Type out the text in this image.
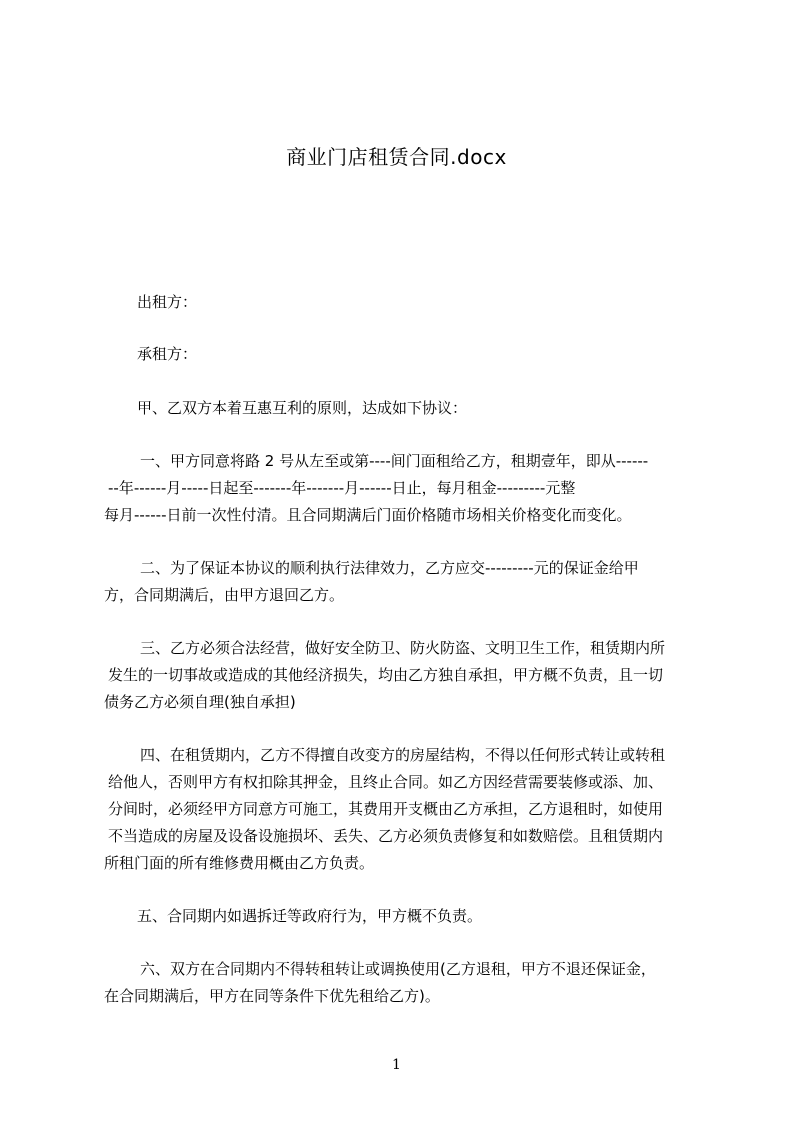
商业门店租赁合同.docx
出租方：
承租方：
甲、乙双方本着互惠互利的原则，达成如下协议：
一、甲方同意将路 2 号从左至或第----间门面租给乙方，租期壹年，即从------
--年------月-----日起至-------年-------月------日止，每月租金---------元整
每月------日前一次性付清。且合同期满后门面价格随市场相关价格变化而变化。
二、为了保证本协议的顺利执行法律效力，乙方应交---------元的保证金给甲
方，合同期满后，由甲方退回乙方。
三、乙方必须合法经营，做好安全防卫、防火防盗、文明卫生工作，租赁期内所
发生的一切事故或造成的其他经济损失，均由乙方独自承担，甲方概不负责，且一切
债务乙方必须自理(独自承担)
四、在租赁期内，乙方不得擅自改变方的房屋结构，不得以任何形式转让或转租
给他人，否则甲方有权扣除其押金，且终止合同。如乙方因经营需要装修或添、加、
分间时，必须经甲方同意方可施工，其费用开支概由乙方承担，乙方退租时，如使用
不当造成的房屋及设备设施损坏、丢失、乙方必须负责修复和如数赔偿。且租赁期内
所租门面的所有维修费用概由乙方负责。
五、合同期内如遇拆迁等政府行为，甲方概不负责。
六、双方在合同期内不得转租转让或调换使用(乙方退租，甲方不退还保证金，
在合同期满后，甲方在同等条件下优先租给乙方)。
1
